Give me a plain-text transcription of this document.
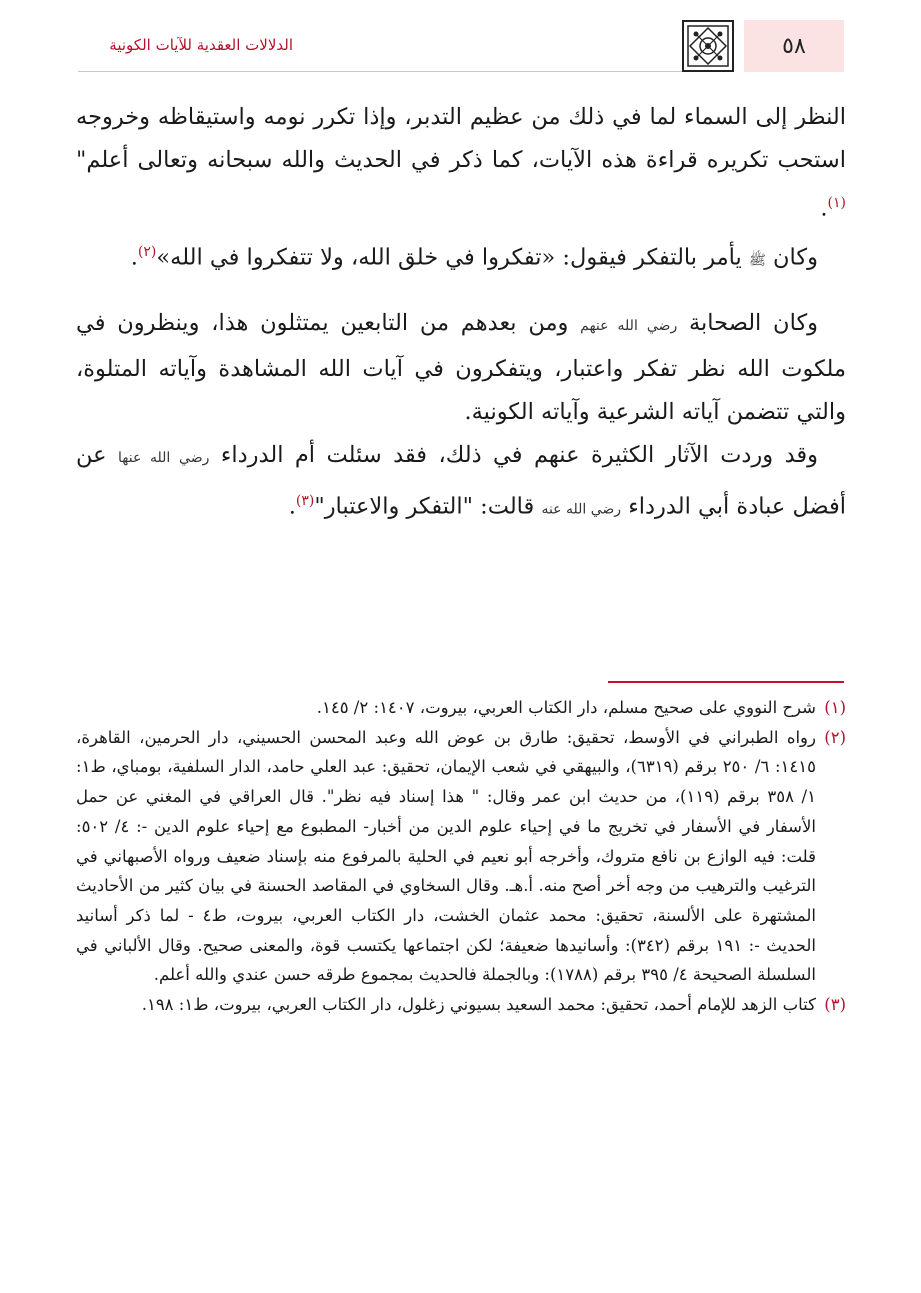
٥٨
الدلالات العقدية للآيات الكونية

النظر إلى السماء لما في ذلك من عظيم التدبر، وإذا تكرر نومه واستيقاظه وخروجه استحب تكريره قراءة هذه الآيات، كما ذكر في الحديث والله سبحانه وتعالى أعلم"$^{(١)}$.

وكان ﷺ يأمر بالتفكر فيقول: «تفكروا في خلق الله، ولا تتفكروا في الله»$^{(٢)}$.

وكان الصحابة رضي الله عنهم ومن بعدهم من التابعين يمتثلون هذا، وينظرون في ملكوت الله نظر تفكر واعتبار، ويتفكرون في آيات الله المشاهدة وآياته المتلوة، والتي تتضمن آياته الشرعية وآياته الكونية.

وقد وردت الآثار الكثيرة عنهم في ذلك، فقد سئلت أم الدرداء رضي الله عنها عن أفضل عبادة أبي الدرداء رضي الله عنه قالت: "التفكر والاعتبار"$^{(٣)}$.

(١)
شرح النووي على صحيح مسلم، دار الكتاب العربي، بيروت، ١٤٠٧: ٢/ ١٤٥.

(٢)
رواه الطبراني في الأوسط، تحقيق: طارق بن عوض الله وعبد المحسن الحسيني، دار الحرمين، القاهرة، ١٤١٥: ٦/ ٢٥٠ برقم (٦٣١٩)، والبيهقي في شعب الإيمان، تحقيق: عبد العلي حامد، الدار السلفية، بومباي، ط١: ١/ ٣٥٨ برقم (١١٩)، من حديث ابن عمر وقال: " هذا إسناد فيه نظر". قال العراقي في المغني عن حمل الأسفار في الأسفار في تخريج ما في إحياء علوم الدين من أخبار- المطبوع مع إحياء علوم الدين -: ٤/ ٥٠٢: قلت: فيه الوازع بن نافع متروك، وأخرجه أبو نعيم في الحلية بالمرفوع منه بإسناد ضعيف ورواه الأصبهاني في الترغيب والترهيب من وجه أخر أصح منه. أ.هـ. وقال السخاوي في المقاصد الحسنة في بيان كثير من الأحاديث المشتهرة على الألسنة، تحقيق: محمد عثمان الخشت، دار الكتاب العربي، بيروت، ط٤ - لما ذكر أسانيد الحديث -: ١٩١ برقم (٣٤٢): وأسانيدها ضعيفة؛ لكن اجتماعها يكتسب قوة، والمعنى صحيح. وقال الألباني في السلسلة الصحيحة ٤/ ٣٩٥ برقم (١٧٨٨): وبالجملة فالحديث بمجموع طرقه حسن عندي والله أعلم.

(٣)
كتاب الزهد للإمام أحمد، تحقيق: محمد السعيد بسيوني زغلول، دار الكتاب العربي، بيروت، ط١: ١٩٨.
